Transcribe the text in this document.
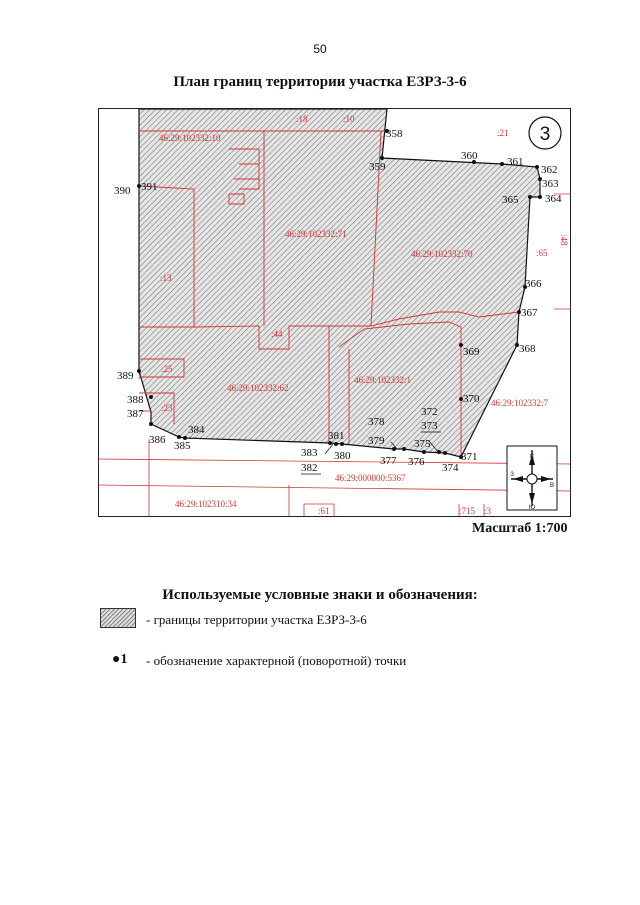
50
План границ территории участка ЕЗРЗ-3-6
46:29:102332:10
46:29:102332:71
46:29:102332:70
46:29:102332:62
46:29:102332:1
46:29:102332:7
46:29:000000:5367
46:29:102310:34
:18	:10
:21
:13
:44
:25
:23
:65
:48
:61	:715 :3
358
359
360	361
362
363
364
365
366
367
368
369
370
371
372
373
374
375
376
377
378
379
380
381
382
383
384
385
386
387
388
389
390 391
3
С
В
Ю
З
Масштаб 1:700
Используемые условные знаки и обозначения:
- границы территории участка ЕЗРЗ-3-6
●1 - обозначение характерной (поворотной) точки
